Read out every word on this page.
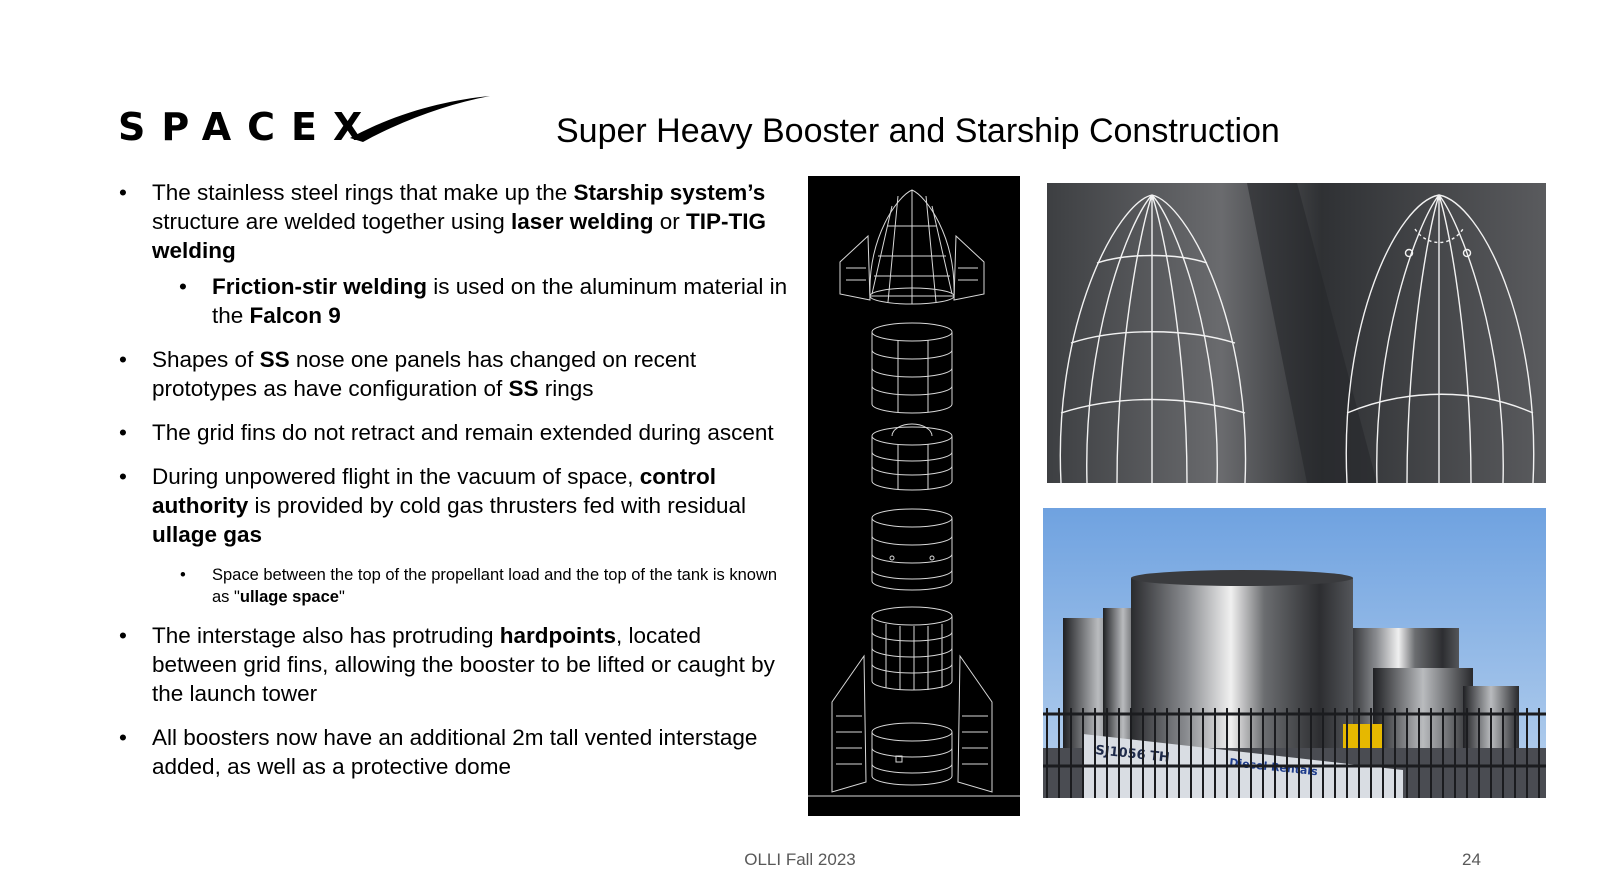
SPACEX	Super Heavy Booster and Starship Construction
• The stainless steel rings that make up the Starship system’s structure are welded together using laser welding or TIP-TIG welding
• Friction-stir welding is used on the aluminum material in the Falcon 9
• Shapes of SS nose one panels has changed on recent prototypes as have configuration of SS rings
• The grid fins do not retract and remain extended during ascent
• During unpowered flight in the vacuum of space, control authority is provided by cold gas thrusters fed with residual ullage gas
• Space between the top of the propellant load and the top of the tank is known as "ullage space"
• The interstage also has protruding hardpoints, located between grid fins, allowing the booster to be lifted or caught by the launch tower
• All boosters now have an additional 2m tall vented interstage added, as well as a protective dome	SJ1056 TH
Diesel Rentals
OLLI Fall 2023	24
